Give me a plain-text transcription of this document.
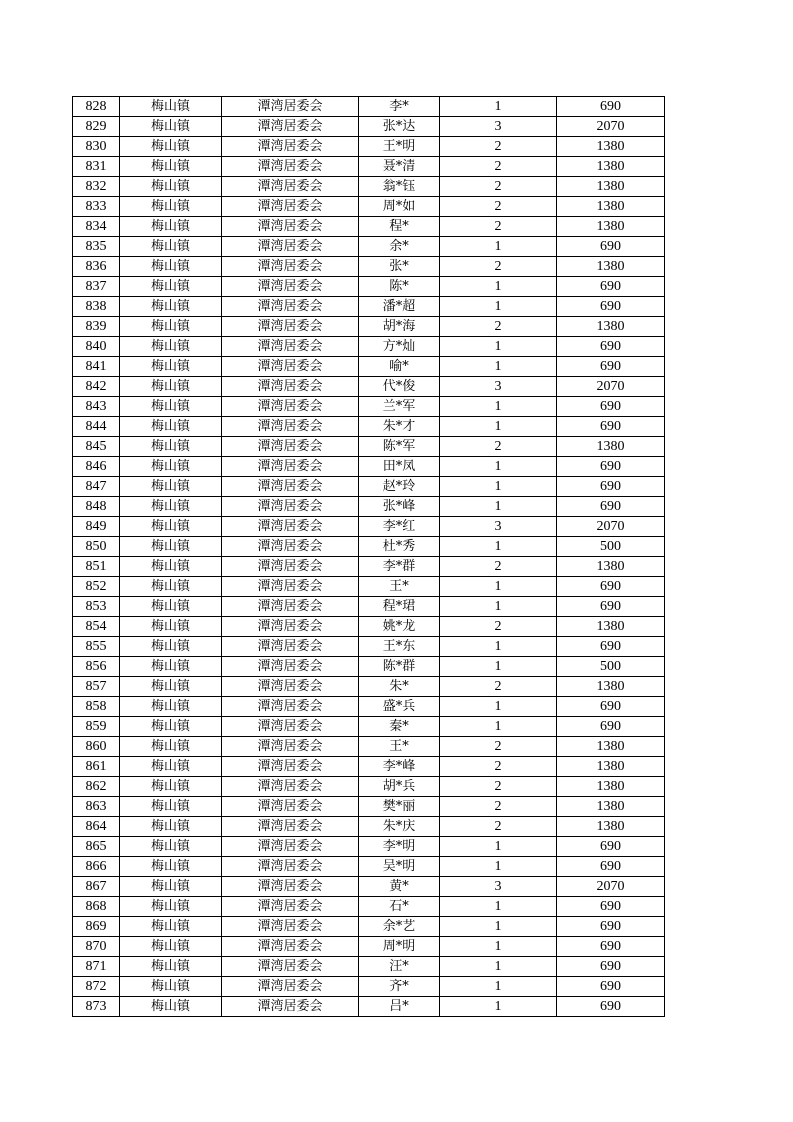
828	梅山镇	潭湾居委会	李*	1	690
829	梅山镇	潭湾居委会	张*达	3	2070
830	梅山镇	潭湾居委会	王*明	2	1380
831	梅山镇	潭湾居委会	聂*清	2	1380
832	梅山镇	潭湾居委会	翁*钰	2	1380
833	梅山镇	潭湾居委会	周*如	2	1380
834	梅山镇	潭湾居委会	程*	2	1380
835	梅山镇	潭湾居委会	余*	1	690
836	梅山镇	潭湾居委会	张*	2	1380
837	梅山镇	潭湾居委会	陈*	1	690
838	梅山镇	潭湾居委会	潘*超	1	690
839	梅山镇	潭湾居委会	胡*海	2	1380
840	梅山镇	潭湾居委会	方*灿	1	690
841	梅山镇	潭湾居委会	喻*	1	690
842	梅山镇	潭湾居委会	代*俊	3	2070
843	梅山镇	潭湾居委会	兰*军	1	690
844	梅山镇	潭湾居委会	朱*才	1	690
845	梅山镇	潭湾居委会	陈*军	2	1380
846	梅山镇	潭湾居委会	田*凤	1	690
847	梅山镇	潭湾居委会	赵*玲	1	690
848	梅山镇	潭湾居委会	张*峰	1	690
849	梅山镇	潭湾居委会	李*红	3	2070
850	梅山镇	潭湾居委会	杜*秀	1	500
851	梅山镇	潭湾居委会	李*群	2	1380
852	梅山镇	潭湾居委会	王*	1	690
853	梅山镇	潭湾居委会	程*珺	1	690
854	梅山镇	潭湾居委会	姚*龙	2	1380
855	梅山镇	潭湾居委会	王*东	1	690
856	梅山镇	潭湾居委会	陈*群	1	500
857	梅山镇	潭湾居委会	朱*	2	1380
858	梅山镇	潭湾居委会	盛*兵	1	690
859	梅山镇	潭湾居委会	秦*	1	690
860	梅山镇	潭湾居委会	王*	2	1380
861	梅山镇	潭湾居委会	李*峰	2	1380
862	梅山镇	潭湾居委会	胡*兵	2	1380
863	梅山镇	潭湾居委会	樊*丽	2	1380
864	梅山镇	潭湾居委会	朱*庆	2	1380
865	梅山镇	潭湾居委会	李*明	1	690
866	梅山镇	潭湾居委会	吴*明	1	690
867	梅山镇	潭湾居委会	黄*	3	2070
868	梅山镇	潭湾居委会	石*	1	690
869	梅山镇	潭湾居委会	余*艺	1	690
870	梅山镇	潭湾居委会	周*明	1	690
871	梅山镇	潭湾居委会	汪*	1	690
872	梅山镇	潭湾居委会	齐*	1	690
873	梅山镇	潭湾居委会	吕*	1	690
